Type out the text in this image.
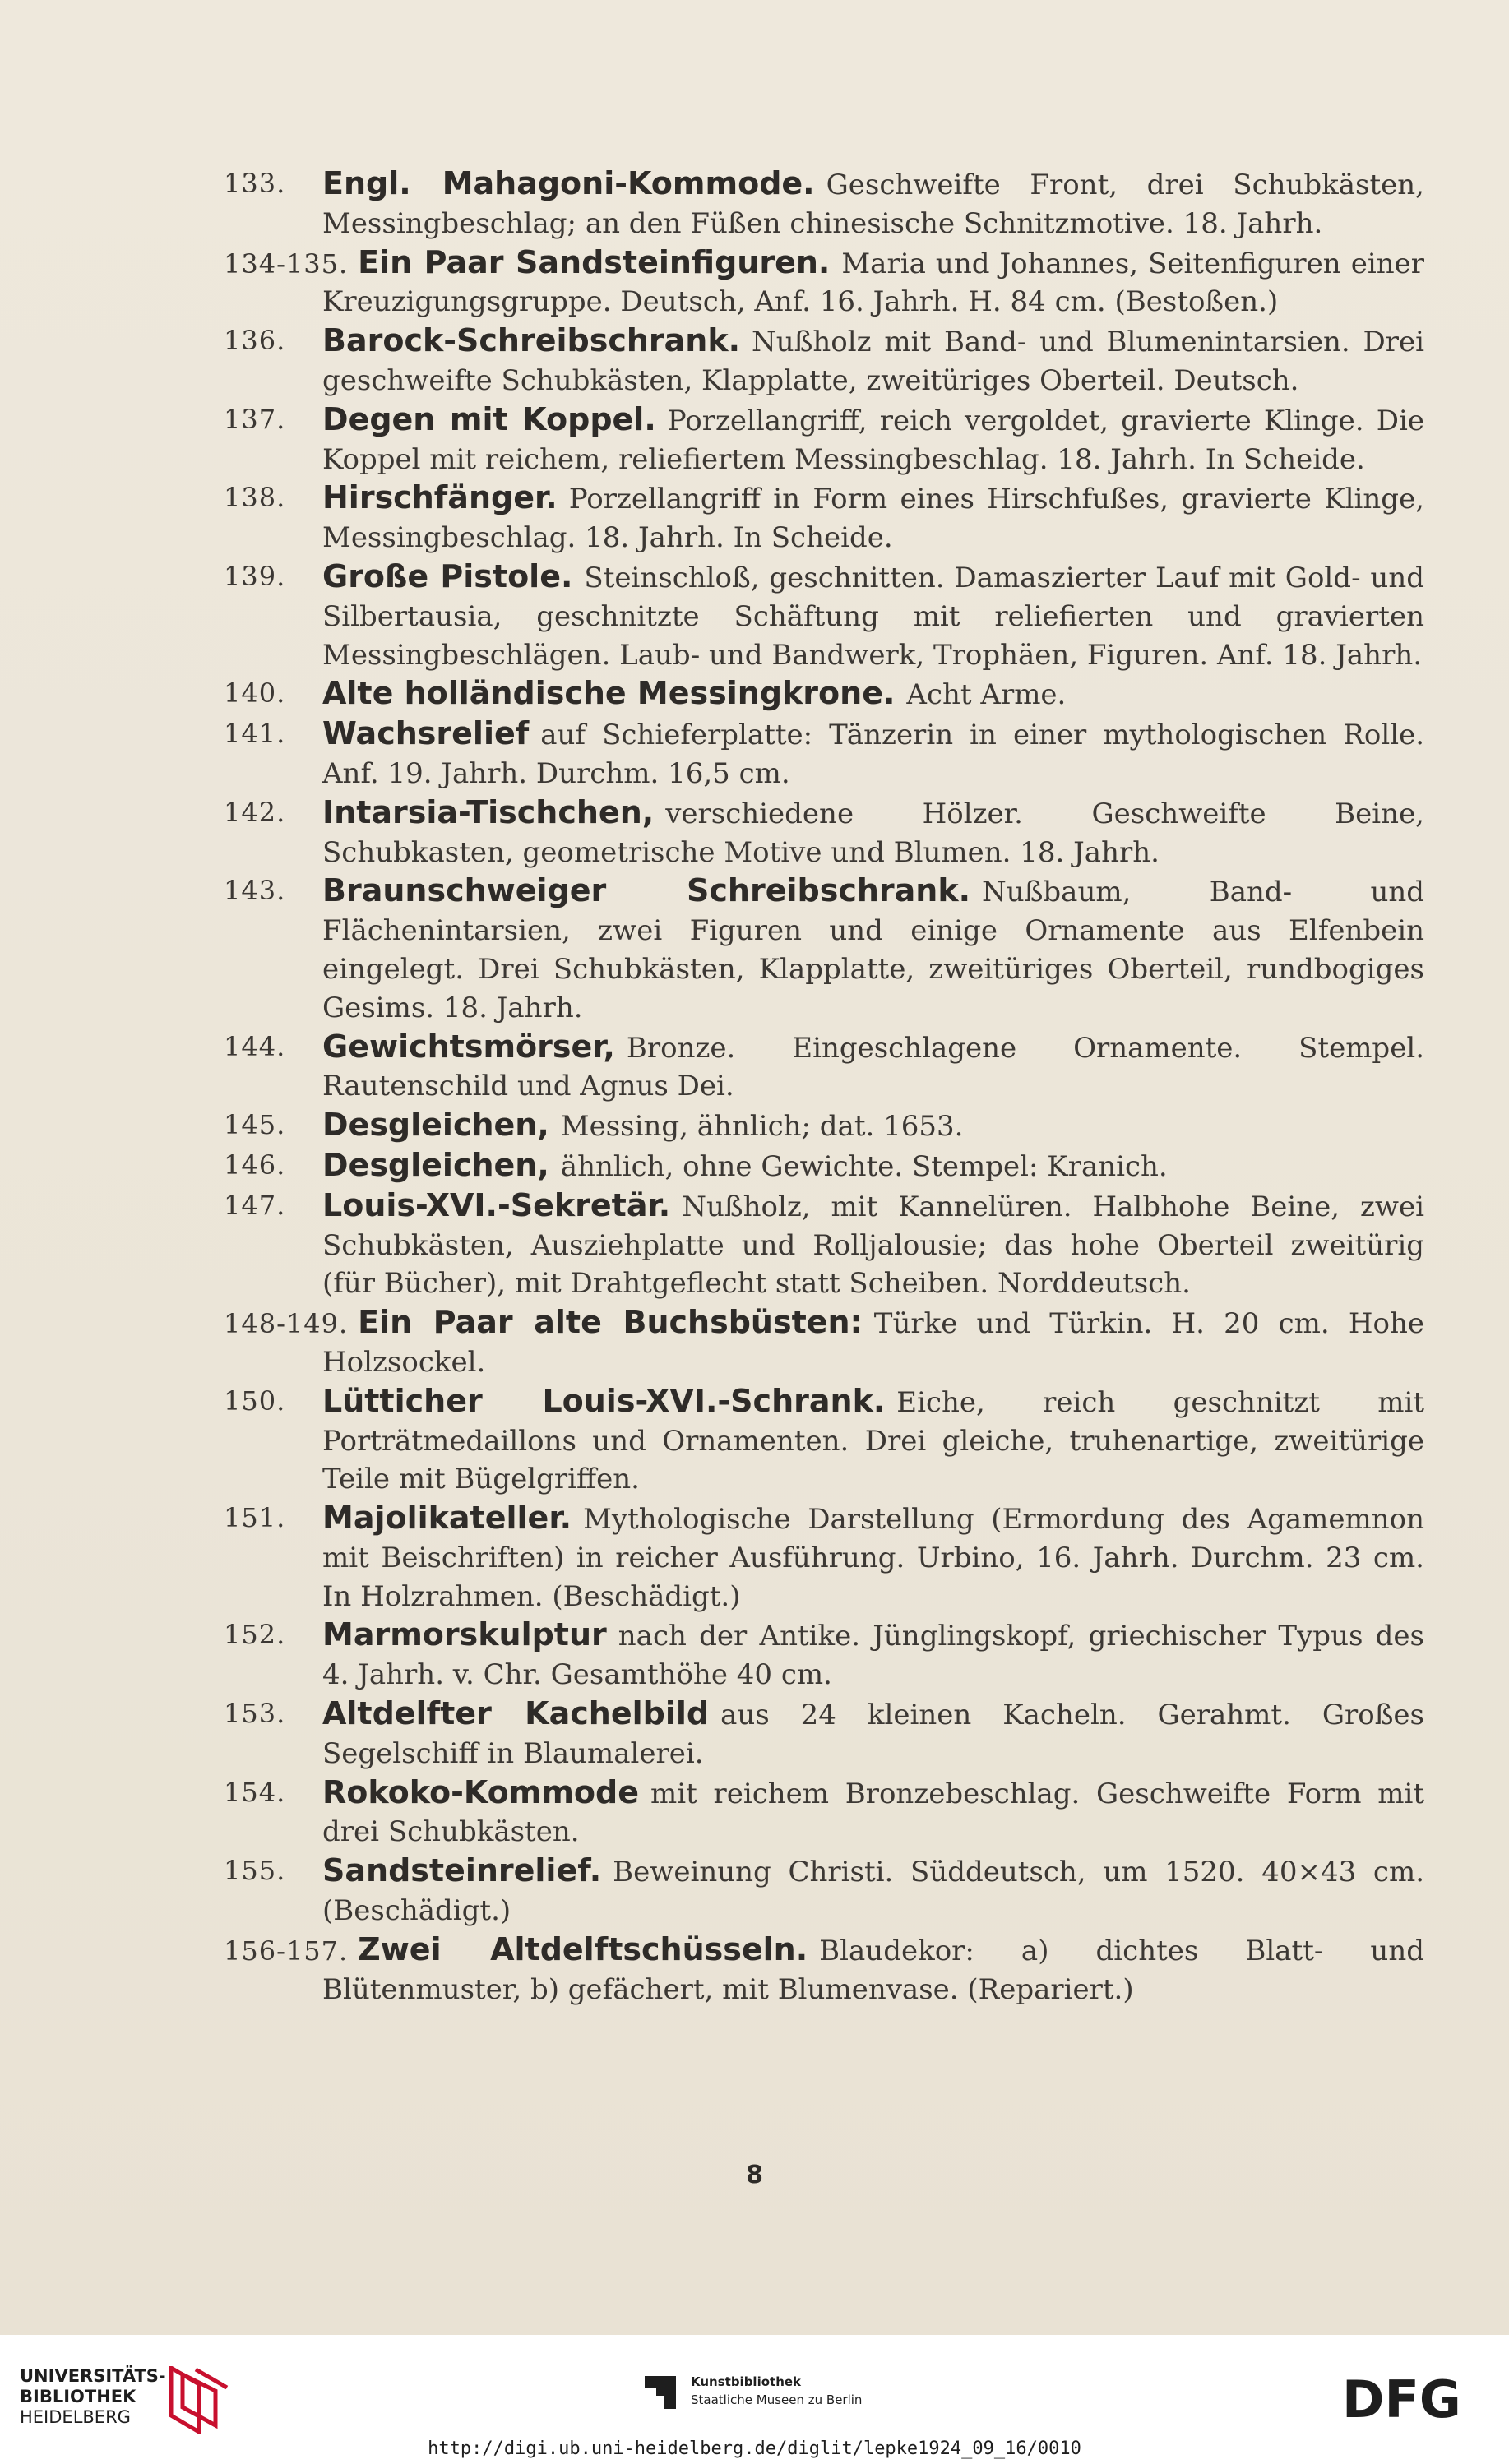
133. Engl. Mahagoni-Kommode. Geschweifte Front, drei Schubkästen, Messingbeschlag; an den Füßen chinesische Schnitzmotive. 18. Jahrh.
134-135. Ein Paar Sandsteinfiguren. Maria und Johannes, Seitenfiguren einer Kreuzigungsgruppe. Deutsch, Anf. 16. Jahrh. H. 84 cm. (Bestoßen.)
136. Barock-Schreibschrank. Nußholz mit Band- und Blumenintarsien. Drei geschweifte Schubkästen, Klapplatte, zweitüriges Oberteil. Deutsch.
137. Degen mit Koppel. Porzellangriff, reich vergoldet, gravierte Klinge. Die Koppel mit reichem, reliefiertem Messingbeschlag. 18. Jahrh. In Scheide.
138. Hirschfänger. Porzellangriff in Form eines Hirschfußes, gravierte Klinge, Messingbeschlag. 18. Jahrh. In Scheide.
139. Große Pistole. Steinschloß, geschnitten. Damaszierter Lauf mit Gold- und Silbertausia, geschnitzte Schäftung mit reliefierten und gravierten Messingbeschlägen. Laub- und Bandwerk, Trophäen, Figuren. Anf. 18. Jahrh.
140. Alte holländische Messingkrone. Acht Arme.
141. Wachsrelief auf Schieferplatte: Tänzerin in einer mythologischen Rolle. Anf. 19. Jahrh. Durchm. 16,5 cm.
142. Intarsia-Tischchen, verschiedene Hölzer. Geschweifte Beine, Schubkasten, geometrische Motive und Blumen. 18. Jahrh.
143. Braunschweiger Schreibschrank. Nußbaum, Band- und Flächenintarsien, zwei Figuren und einige Ornamente aus Elfenbein eingelegt. Drei Schubkästen, Klapplatte, zweitüriges Oberteil, rundbogiges Gesims. 18. Jahrh.
144. Gewichtsmörser, Bronze. Eingeschlagene Ornamente. Stempel. Rautenschild und Agnus Dei.
145. Desgleichen, Messing, ähnlich; dat. 1653.
146. Desgleichen, ähnlich, ohne Gewichte. Stempel: Kranich.
147. Louis-XVI.-Sekretär. Nußholz, mit Kannelüren. Halbhohe Beine, zwei Schubkästen, Ausziehplatte und Rolljalousie; das hohe Oberteil zweitürig (für Bücher), mit Drahtgeflecht statt Scheiben. Norddeutsch.
148-149. Ein Paar alte Buchsbüsten: Türke und Türkin. H. 20 cm. Hohe Holzsockel.
150. Lütticher Louis-XVI.-Schrank. Eiche, reich geschnitzt mit Porträtmedaillons und Ornamenten. Drei gleiche, truhenartige, zweitürige Teile mit Bügelgriffen.
151. Majolikateller. Mythologische Darstellung (Ermordung des Agamemnon mit Beischriften) in reicher Ausführung. Urbino, 16. Jahrh. Durchm. 23 cm. In Holzrahmen. (Beschädigt.)
152. Marmorskulptur nach der Antike. Jünglingskopf, griechischer Typus des 4. Jahrh. v. Chr. Gesamthöhe 40 cm.
153. Altdelfter Kachelbild aus 24 kleinen Kacheln. Gerahmt. Großes Segelschiff in Blaumalerei.
154. Rokoko-Kommode mit reichem Bronzebeschlag. Geschweifte Form mit drei Schubkästen.
155. Sandsteinrelief. Beweinung Christi. Süddeutsch, um 1520. 40×43 cm. (Beschädigt.)
156-157. Zwei Altdelftschüsseln. Blaudekor: a) dichtes Blatt- und Blütenmuster, b) gefächert, mit Blumenvase. (Repariert.)
8
UNIVERSITÄTS-
BIBLIOTHEK
HEIDELBERG
Kunstbibliothek
Staatliche Museen zu Berlin	DFG
http://digi.ub.uni-heidelberg.de/diglit/lepke1924_09_16/0010
